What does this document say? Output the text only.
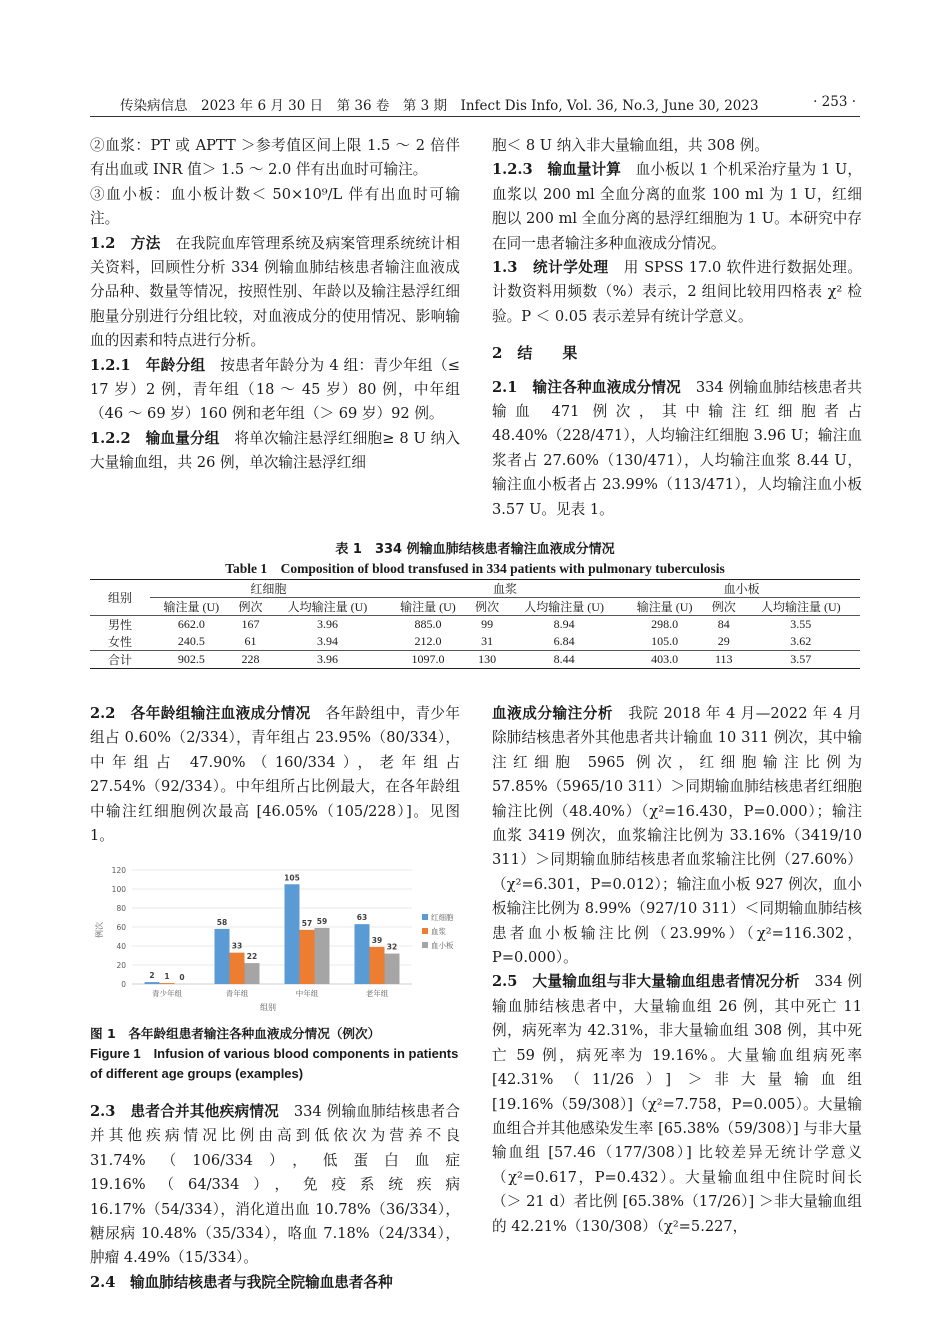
传染病信息　2023 年 6 月 30 日　第 36 卷　第 3 期　Infect Dis Info, Vol. 36, No.3, June 30, 2023	· 253 ·

②血浆：PT 或 APTT ＞参考值区间上限 1.5 ～ 2 倍伴有出血或 INR 值＞ 1.5 ～ 2.0 伴有出血时可输注。

③血小板：血小板计数＜ 50×10⁹/L 伴有出血时可输注。

1.2　方法　在我院血库管理系统及病案管理系统统计相关资料，回顾性分析 334 例输血肺结核患者输注血液成分品种、数量等情况，按照性别、年龄以及输注悬浮红细胞量分别进行分组比较，对血液成分的使用情况、影响输血的因素和特点进行分析。

1.2.1　年龄分组　按患者年龄分为 4 组：青少年组（≤ 17 岁）2 例，青年组（18 ～ 45 岁）80 例，中年组（46 ～ 69 岁）160 例和老年组（＞ 69 岁）92 例。

1.2.2　输血量分组　将单次输注悬浮红细胞≥ 8 U 纳入大量输血组，共 26 例，单次输注悬浮红细

胞＜ 8 U 纳入非大量输血组，共 308 例。

1.2.3　输血量计算　血小板以 1 个机采治疗量为 1 U，血浆以 200 ml 全血分离的血浆 100 ml 为 1 U，红细胞以 200 ml 全血分离的悬浮红细胞为 1 U。本研究中存在同一患者输注多种血液成分情况。

1.3　统计学处理　用 SPSS 17.0 软件进行数据处理。计数资料用频数（%）表示，2 组间比较用四格表 χ² 检验。P ＜ 0.05 表示差异有统计学意义。

2　结　　果

2.1　输注各种血液成分情况　334 例输血肺结核患者共输血 471 例次，其中输注红细胞者占 48.40%（228/471），人均输注红细胞 3.96 U；输注血浆者占 27.60%（130/471），人均输注血浆 8.44 U，输注血小板者占 23.99%（113/471），人均输注血小板 3.57 U。见表 1。

表 1　334 例输血肺结核患者输注血液成分情况
Table 1　Composition of blood transfused in 334 patients with pulmonary tuberculosis
组别	红细胞			血浆			血小板		
	输注量 (U)	例次	人均输注量 (U)	输注量 (U)	例次	人均输注量 (U)	输注量 (U)	例次	人均输注量 (U)
男性	662.0	167	3.96	885.0	99	8.94	298.0	84	3.55
女性	240.5	61	3.94	212.0	31	6.84	105.0	29	3.62
合计	902.5	228	3.96	1097.0	130	8.44	403.0	113	3.57

2.2　各年龄组输注血液成分情况　各年龄组中，青少年组占 0.60%（2/334），青年组占 23.95%（80/334），中年组占 47.90%（160/334），老年组占 27.54%（92/334）。中年组所占比例最大，在各年龄组中输注红细胞例次最高 [46.05%（105/228）]。见图 1。

0
20
40
60
80
100
120
2 1 0
58
33
22
105
57 59	63
39
32
青少年组	青年组	中年组	老年组
例次
组别
红细胞
血浆
血小板
图 1　各年龄组患者输注各种血液成分情况（例次）
Figure 1　Infusion of various blood components in patients of different age groups (examples)

2.3　患者合并其他疾病情况　334 例输血肺结核患者合并其他疾病情况比例由高到低依次为营养不良 31.74%（106/334），低蛋白血症 19.16%（64/334），免疫系统疾病 16.17%（54/334），消化道出血 10.78%（36/334），糖尿病 10.48%（35/334），咯血 7.18%（24/334），肿瘤 4.49%（15/334）。

2.4　输血肺结核患者与我院全院输血患者各种

血液成分输注分析　我院 2018 年 4 月—2022 年 4 月除肺结核患者外其他患者共计输血 10 311 例次，其中输注红细胞 5965 例次，红细胞输注比例为 57.85%（5965/10 311）＞同期输血肺结核患者红细胞输注比例（48.40%）（χ²=16.430，P=0.000）；输注血浆 3419 例次，血浆输注比例为 33.16%（3419/10 311）＞同期输血肺结核患者血浆输注比例（27.60%）（χ²=6.301，P=0.012）；输注血小板 927 例次，血小板输注比例为 8.99%（927/10 311）＜同期输血肺结核患者血小板输注比例（23.99%）（χ²=116.302，P=0.000）。

2.5　大量输血组与非大量输血组患者情况分析　334 例输血肺结核患者中，大量输血组 26 例，其中死亡 11 例，病死率为 42.31%，非大量输血组 308 例，其中死亡 59 例，病死率为 19.16%。大量输血组病死率 [42.31%（11/26）] ＞非大量输血组 [19.16%（59/308）]（χ²=7.758，P=0.005）。大量输血组合并其他感染发生率 [65.38%（59/308）] 与非大量输血组 [57.46（177/308）] 比较差异无统计学意义（χ²=0.617，P=0.432）。大量输血组中住院时间长（＞ 21 d）者比例 [65.38%（17/26）] ＞非大量输血组的 42.21%（130/308）（χ²=5.227，
